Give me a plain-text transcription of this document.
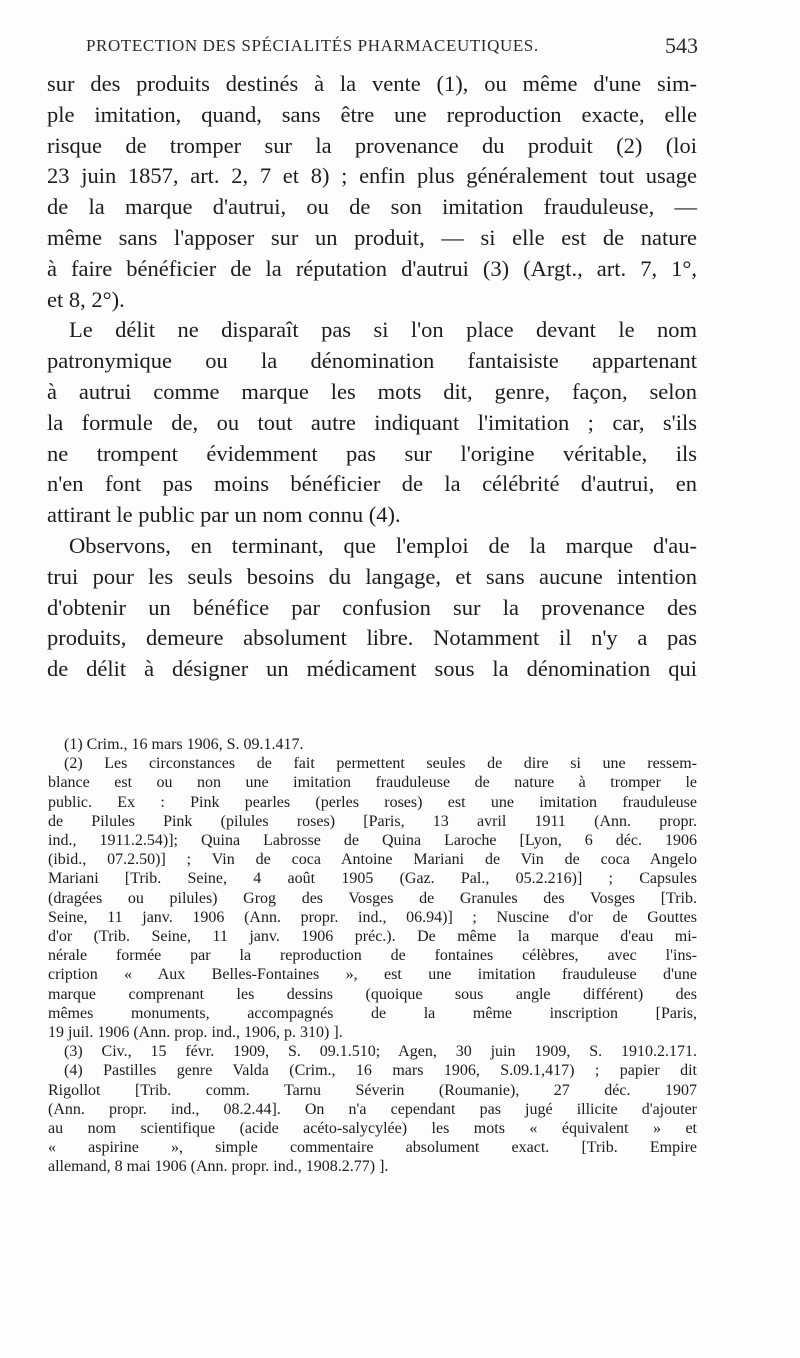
PROTECTION DES SPÉCIALITÉS PHARMACEUTIQUES.	543
sur des produits destinés à la vente (1), ou même d'une sim-
ple imitation, quand, sans être une reproduction exacte, elle
risque de tromper sur la provenance du produit (2) (loi
23 juin 1857, art. 2, 7 et 8) ; enfin plus généralement tout usage
de la marque d'autrui, ou de son imitation frauduleuse, —
même sans l'apposer sur un produit, — si elle est de nature
à faire bénéficier de la réputation d'autrui (3) (Argt., art. 7, 1°,
et 8, 2°).
Le délit ne disparaît pas si l'on place devant le nom
patronymique ou la dénomination fantaisiste appartenant
à autrui comme marque les mots dit, genre, façon, selon
la formule de, ou tout autre indiquant l'imitation ; car, s'ils
ne trompent évidemment pas sur l'origine véritable, ils
n'en font pas moins bénéficier de la célébrité d'autrui, en
attirant le public par un nom connu (4).
Observons, en terminant, que l'emploi de la marque d'au-
trui pour les seuls besoins du langage, et sans aucune intention
d'obtenir un bénéfice par confusion sur la provenance des
produits, demeure absolument libre. Notamment il n'y a pas
de délit à désigner un médicament sous la dénomination qui
(1) Crim., 16 mars 1906, S. 09.1.417.
(2) Les circonstances de fait permettent seules de dire si une ressem-
blance est ou non une imitation frauduleuse de nature à tromper le
public. Ex : Pink pearles (perles roses) est une imitation frauduleuse
de Pilules Pink (pilules roses) [Paris, 13 avril 1911 (Ann. propr.
ind., 1911.2.54)]; Quina Labrosse de Quina Laroche [Lyon, 6 déc. 1906
(ibid., 07.2.50)] ; Vin de coca Antoine Mariani de Vin de coca Angelo
Mariani [Trib. Seine, 4 août 1905 (Gaz. Pal., 05.2.216)] ; Capsules
(dragées ou pilules) Grog des Vosges de Granules des Vosges [Trib.
Seine, 11 janv. 1906 (Ann. propr. ind., 06.94)] ; Nuscine d'or de Gouttes
d'or (Trib. Seine, 11 janv. 1906 préc.). De même la marque d'eau mi-
nérale formée par la reproduction de fontaines célèbres, avec l'ins-
cription « Aux Belles-Fontaines », est une imitation frauduleuse d'une
marque comprenant les dessins (quoique sous angle différent) des
mêmes monuments, accompagnés de la même inscription [Paris,
19 juil. 1906 (Ann. prop. ind., 1906, p. 310) ].
(3) Civ., 15 févr. 1909, S. 09.1.510; Agen, 30 juin 1909, S. 1910.2.171.
(4) Pastilles genre Valda (Crim., 16 mars 1906, S.09.1,417) ; papier dit
Rigollot [Trib. comm. Tarnu Séverin (Roumanie), 27 déc. 1907
(Ann. propr. ind., 08.2.44]. On n'a cependant pas jugé illicite d'ajouter
au nom scientifique (acide acéto-salycylée) les mots « équivalent » et
« aspirine », simple commentaire absolument exact. [Trib. Empire
allemand, 8 mai 1906 (Ann. propr. ind., 1908.2.77) ].
